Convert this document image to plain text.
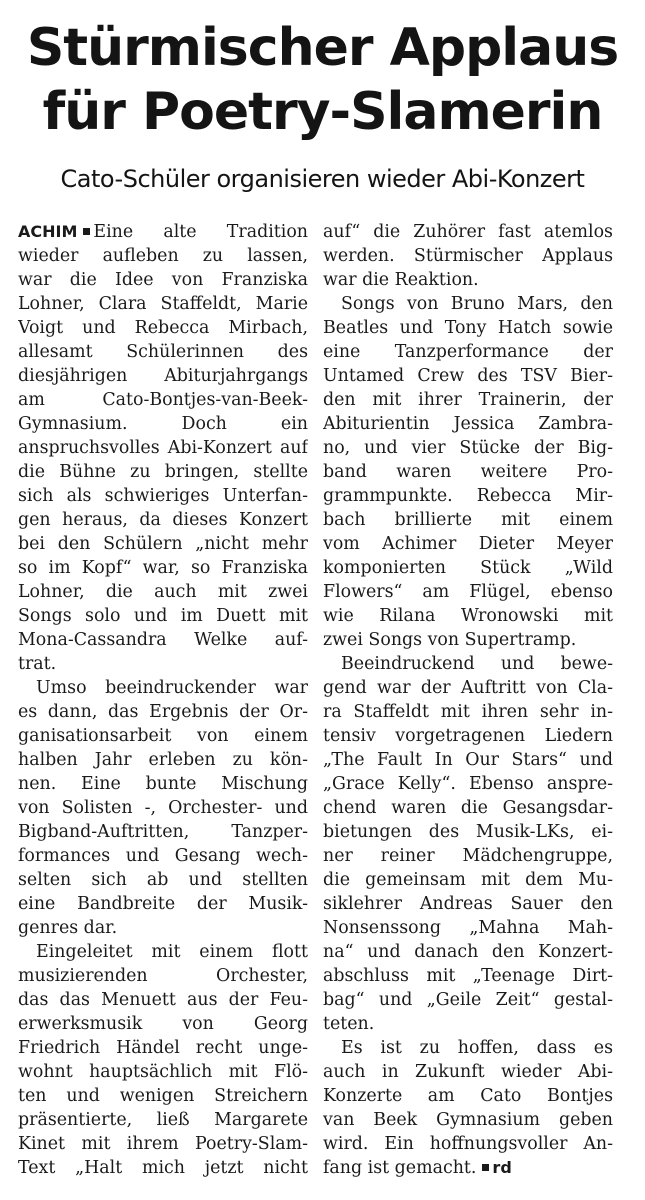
Stürmischer Applaus
für Poetry-Slamerin
Cato-Schüler organisieren wieder Abi-Konzert
ACHIM Eine alte Tradition
wieder aufleben zu lassen,
war die Idee von Franziska
Lohner, Clara Staffeldt, Marie
Voigt und Rebecca Mirbach,
allesamt Schülerinnen des
diesjährigen Abiturjahrgangs
am Cato-Bontjes-van-Beek-
Gymnasium. Doch ein
anspruchsvolles Abi-Konzert auf
die Bühne zu bringen, stellte
sich als schwieriges Unterfan-
gen heraus, da dieses Konzert
bei den Schülern „nicht mehr
so im Kopf“ war, so Franziska
Lohner, die auch mit zwei
Songs solo und im Duett mit
Mona-Cassandra Welke auf-
trat.
Umso beeindruckender war
es dann, das Ergebnis der Or-
ganisationsarbeit von einem
halben Jahr erleben zu kön-
nen. Eine bunte Mischung
von Solisten -, Orchester- und
Bigband-Auftritten, Tanzper-
formances und Gesang wech-
selten sich ab und stellten
eine Bandbreite der Musik-
genres dar.
Eingeleitet mit einem flott
musizierenden Orchester,
das das Menuett aus der Feu-
erwerksmusik von Georg
Friedrich Händel recht unge-
wohnt hauptsächlich mit Flö-
ten und wenigen Streichern
präsentierte, ließ Margarete
Kinet mit ihrem Poetry-Slam-
Text „Halt mich jetzt nicht
auf“ die Zuhörer fast atemlos
werden. Stürmischer Applaus
war die Reaktion.
Songs von Bruno Mars, den
Beatles und Tony Hatch sowie
eine Tanzperformance der
Untamed Crew des TSV Bier-
den mit ihrer Trainerin, der
Abiturientin Jessica Zambra-
no, und vier Stücke der Big-
band waren weitere Pro-
grammpunkte. Rebecca Mir-
bach brillierte mit einem
vom Achimer Dieter Meyer
komponierten Stück „Wild
Flowers“ am Flügel, ebenso
wie Rilana Wronowski mit
zwei Songs von Supertramp.
Beeindruckend und bewe-
gend war der Auftritt von Cla-
ra Staffeldt mit ihren sehr in-
tensiv vorgetragenen Liedern
„The Fault In Our Stars“ und
„Grace Kelly“. Ebenso anspre-
chend waren die Gesangsdar-
bietungen des Musik-LKs, ei-
ner reiner Mädchengruppe,
die gemeinsam mit dem Mu-
siklehrer Andreas Sauer den
Nonsenssong „Mahna Mah-
na“ und danach den Konzert-
abschluss mit „Teenage Dirt-
bag“ und „Geile Zeit“ gestal-
teten.
Es ist zu hoffen, dass es
auch in Zukunft wieder Abi-
Konzerte am Cato Bontjes
van Beek Gymnasium geben
wird. Ein hoffnungsvoller An-
fang ist gemacht. rd
